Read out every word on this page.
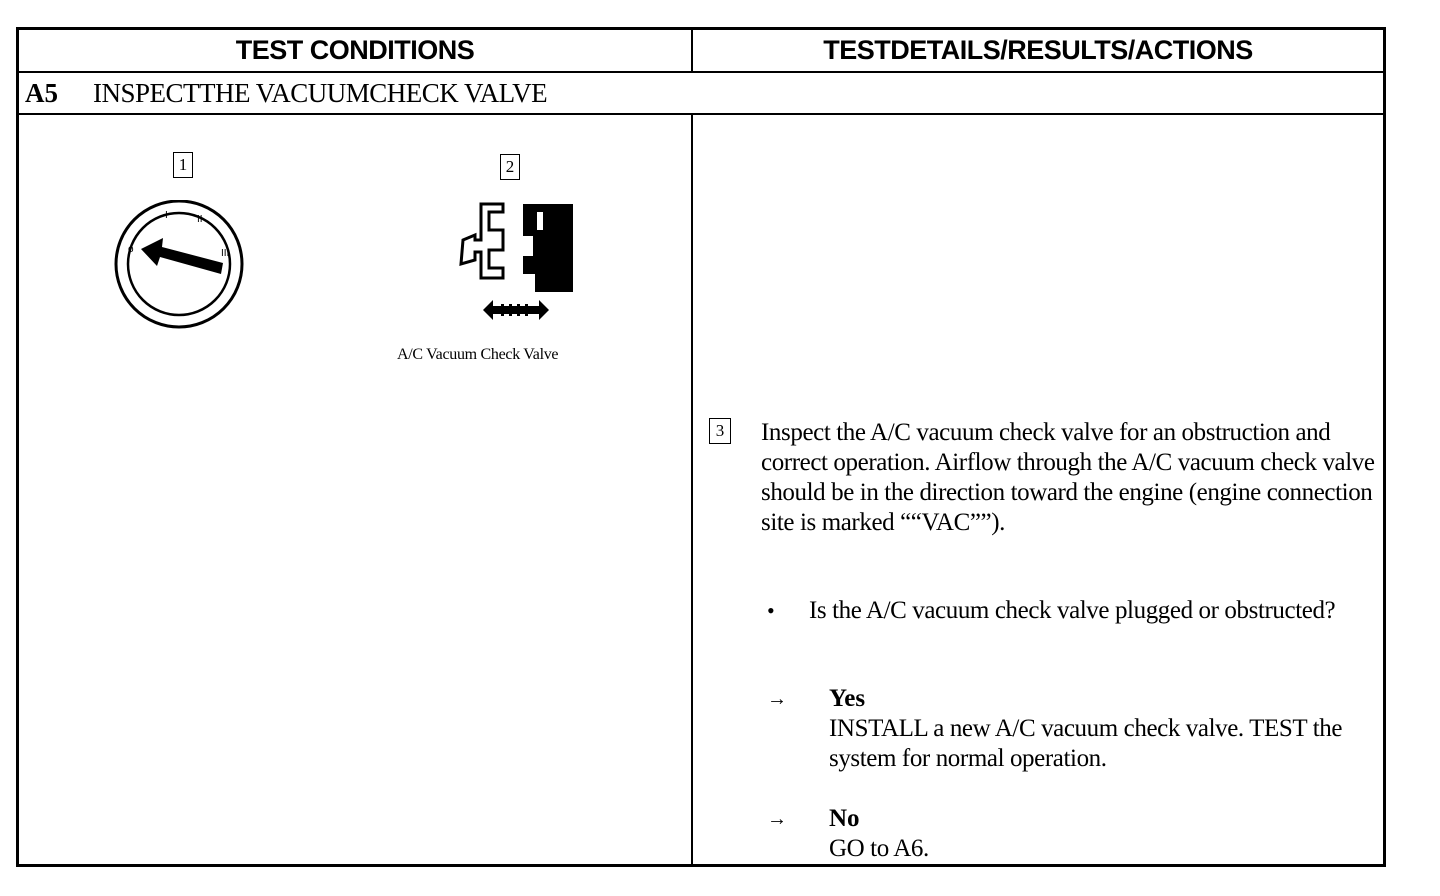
TEST CONDITIONS	TESTDETAILS/RESULTS/ACTIONS
A5 INSPECTTHE VACUUMCHECK VALVE
1
o
I	II
III
2
A/C Vacuum Check Valve
3 Inspect the A/C vacuum check valve for an obstruction and correct operation. Airflow through the A/C vacuum check valve should be in the direction toward the engine (engine connection site is marked ““VAC””).

• Is the A/C vacuum check valve plugged or obstructed?

→ Yes

INSTALL a new A/C vacuum check valve. TEST the system for normal operation.

→ No

GO to A6.
